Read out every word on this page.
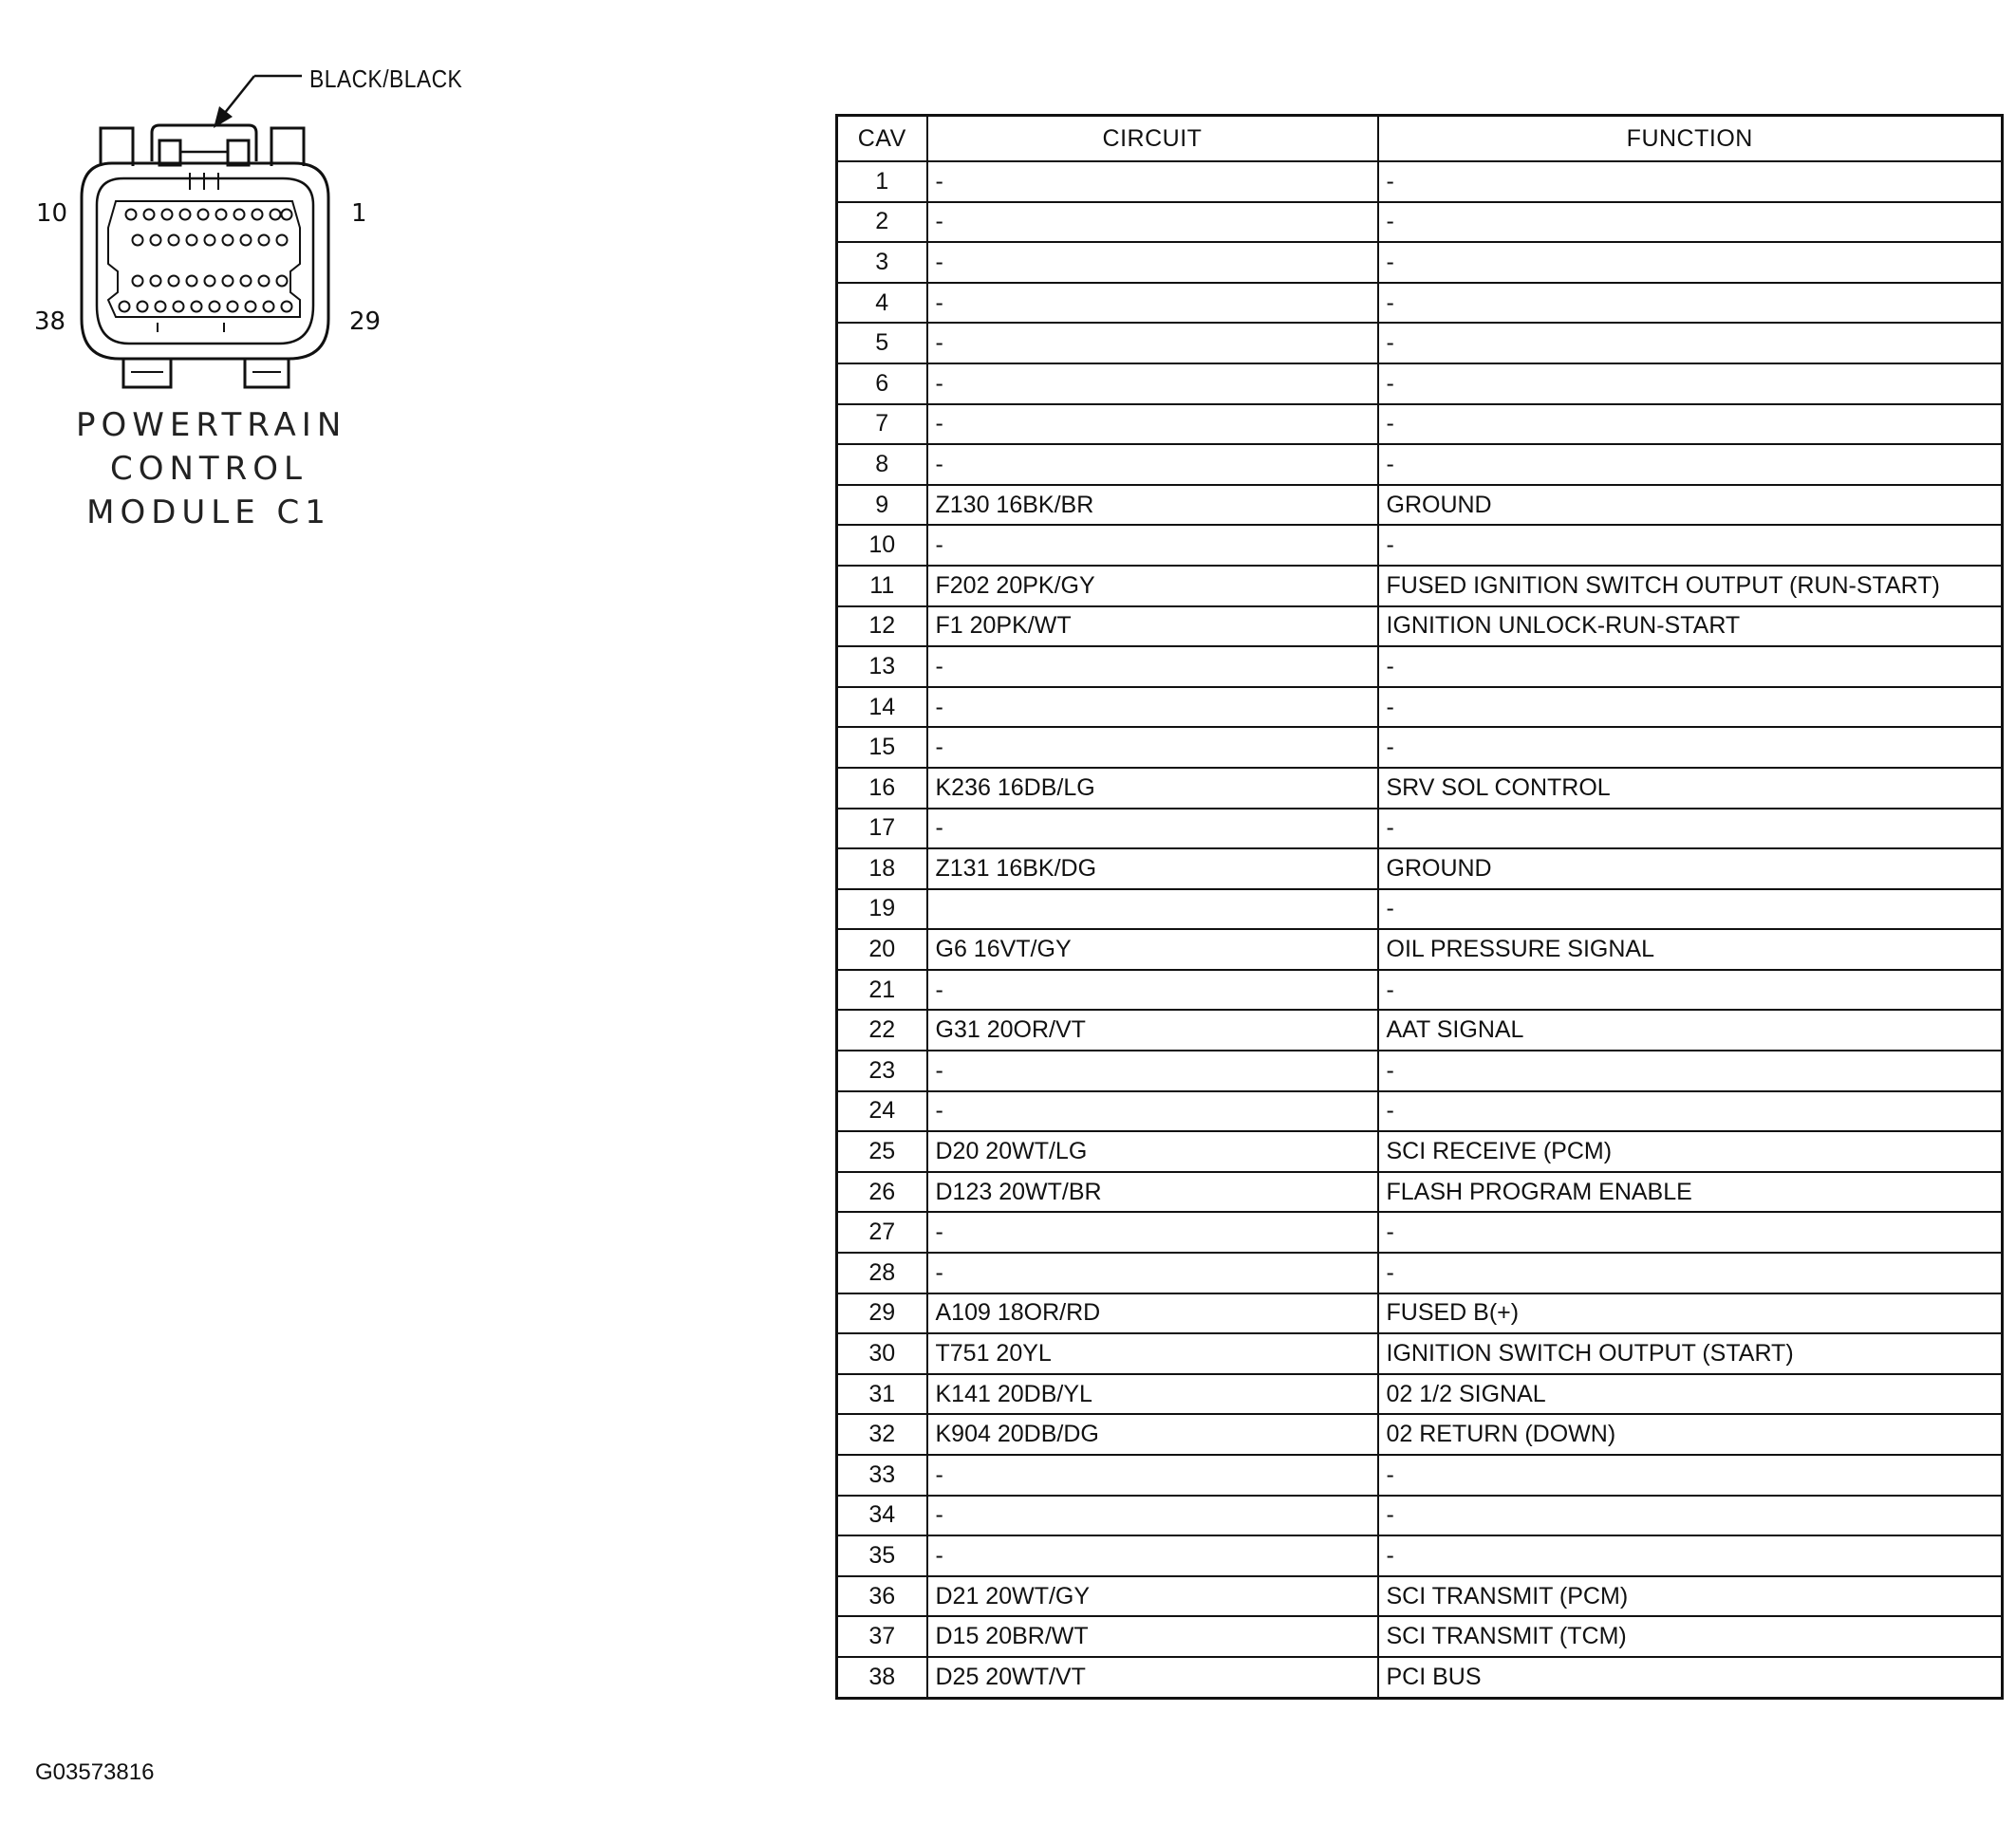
BLACK/BLACK
10	1
38	29
POWERTRAIN
CONTROL
MODULE C1
CAV	CIRCUIT	FUNCTION
1	-	-
2	-	-
3	-	-
4	-	-
5	-	-
6	-	-
7	-	-
8	-	-
9	Z130 16BK/BR	GROUND
10	-	-
11	F202 20PK/GY	FUSED IGNITION SWITCH OUTPUT (RUN-START)
12	F1 20PK/WT	IGNITION UNLOCK-RUN-START
13	-	-
14	-	-
15	-	-
16	K236 16DB/LG	SRV SOL CONTROL
17	-	-
18	Z131 16BK/DG	GROUND
19		-
20	G6 16VT/GY	OIL PRESSURE SIGNAL
21	-	-
22	G31 20OR/VT	AAT SIGNAL
23	-	-
24	-	-
25	D20 20WT/LG	SCI RECEIVE (PCM)
26	D123 20WT/BR	FLASH PROGRAM ENABLE
27	-	-
28	-	-
29	A109 18OR/RD	FUSED B(+)
30	T751 20YL	IGNITION SWITCH OUTPUT (START)
31	K141 20DB/YL	02 1/2 SIGNAL
32	K904 20DB/DG	02 RETURN (DOWN)
33	-	-
34	-	-
35	-	-
36	D21 20WT/GY	SCI TRANSMIT (PCM)
37	D15 20BR/WT	SCI TRANSMIT (TCM)
38	D25 20WT/VT	PCI BUS
G03573816
